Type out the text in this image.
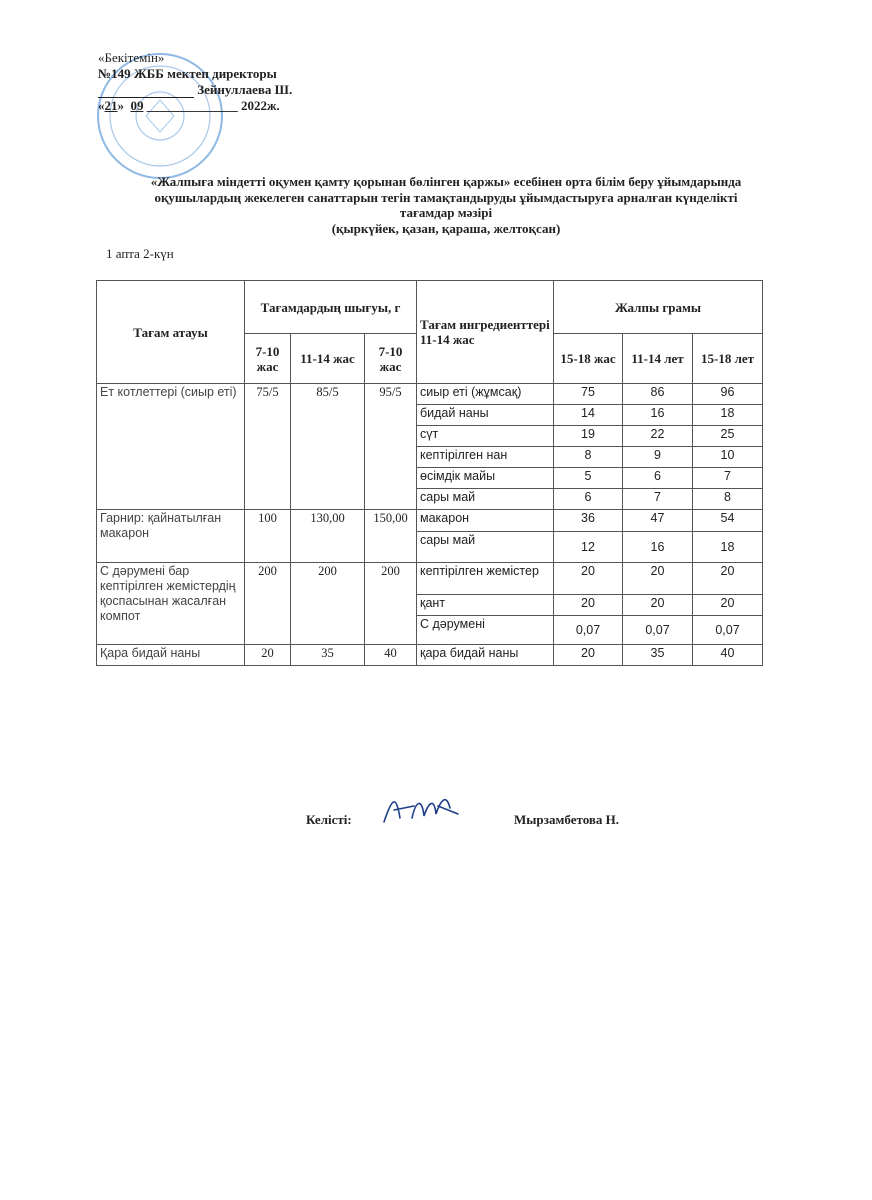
«Бекітемін»
№149 ЖББ мектеп директоры
Зейнуллаева Ш.
«21» 09 ______________ 2022ж.
«Жалпыға міндетті оқумен қамту қорынан бөлінген қаржы» есебінен орта білім беру ұйымдарында
оқушылардың жекелеген санаттарын тегін тамақтандыруды ұйымдастыруға арналған күнделікті
тағамдар мәзірі
(қыркүйек, қазан, қараша, желтоқсан)
1 апта 2-күн
Тағам атауы	Тағамдардың шығуы, г			Тағам ингредиенттері 11-14 жас	Жалпы грамы		
	7-10 жас	11-14 жас	7-10 жас		15-18 жас	11-14 лет	15-18 лет
Ет котлеттері (сиыр еті)	75/5	85/5	95/5	сиыр еті (жұмсақ)	75	86	96
				бидай наны	14	16	18
				сүт	19	22	25
				кептірілген нан	8	9	10
				өсімдік майы	5	6	7
				сары май	6	7	8
Гарнир: қайнатылған макарон	100	130,00	150,00	макарон	36	47	54
				сары май	12	16	18
С дәрумені бар кептірілген жемістердің қоспасынан жасалған компот	200	200	200	кептірілген жемістер	20	20	20
				қант	20	20	20
				С дәрумені	0,07	0,07	0,07
Қара бидай наны	20	35	40	қара бидай наны	20	35	40
Келісті:	Мырзамбетова Н.
